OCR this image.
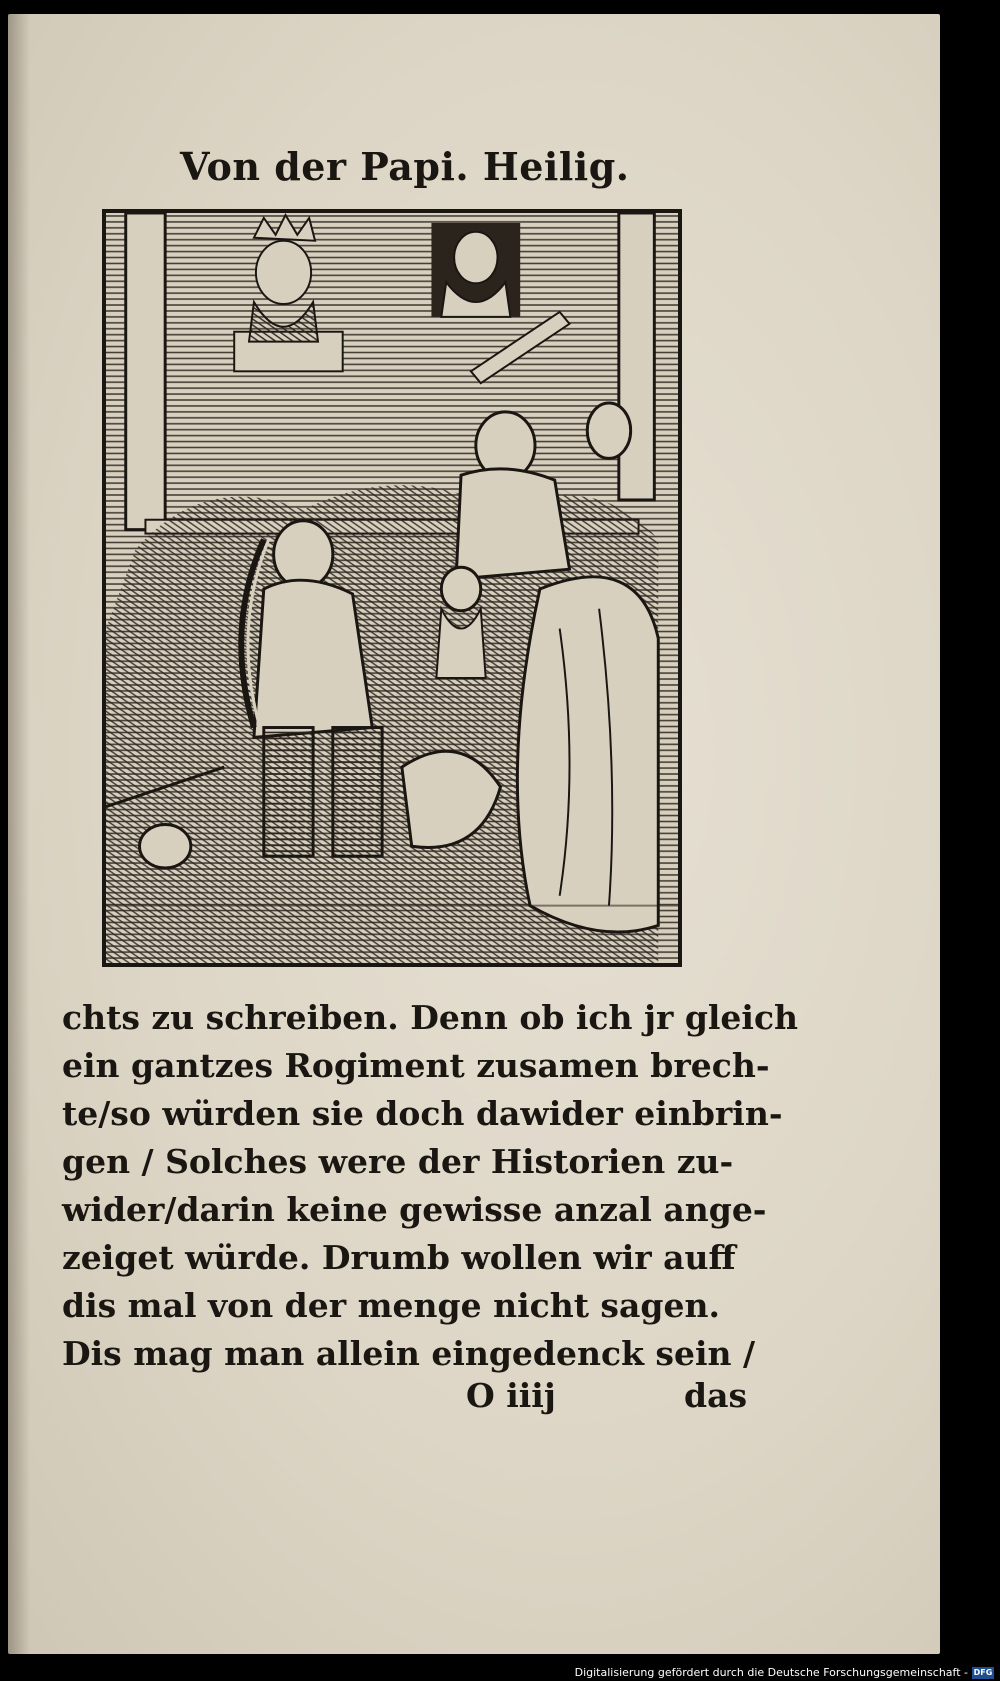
Von der Papi. Heilig.
chts zu schreiben. Denn ob ich jr gleich
ein gantzes Rogiment zusamen brech-
te/so würden sie doch dawider einbrin-
gen / Solches were der Historien zu-
wider/darin keine gewisse anzal ange-
zeiget würde. Drumb wollen wir auff
dis mal von der menge nicht sagen.
Dis mag man allein eingedenck sein /
O iiij	das
Digitalisierung gefördert durch die Deutsche Forschungsgemeinschaft - DFG
